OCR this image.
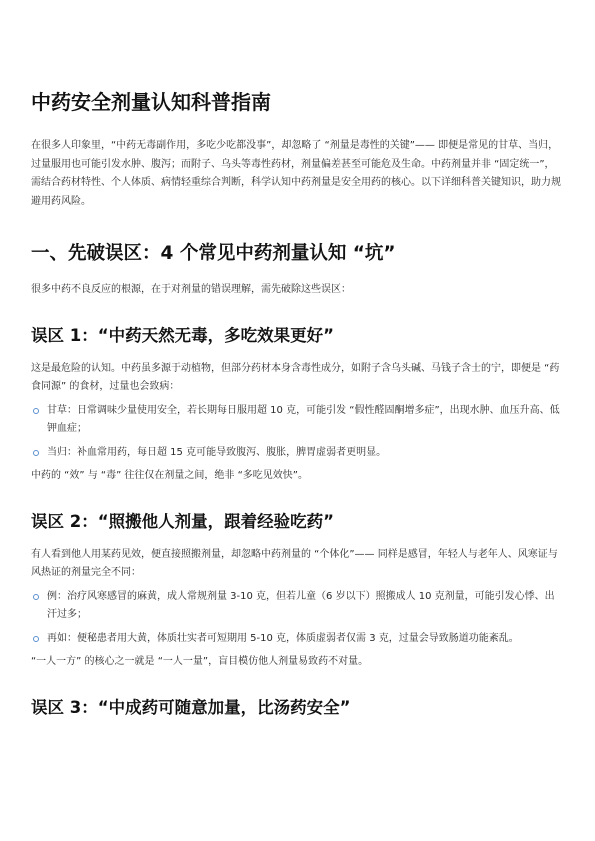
中药安全剂量认知科普指南

在很多人印象里，“中药无毒副作用，多吃少吃都没事”，却忽略了 “剂量是毒性的关键”—— 即便是常见的甘草、当归，过量服用也可能引发水肿、腹泻；而附子、乌头等毒性药材，剂量偏差甚至可能危及生命。中药剂量并非 “固定统一”，需结合药材特性、个人体质、病情轻重综合判断，科学认知中药剂量是安全用药的核心。以下详细科普关键知识，助力规避用药风险。

一、先破误区：4 个常见中药剂量认知 “坑”

很多中药不良反应的根源，在于对剂量的错误理解，需先破除这些误区：

误区 1：“中药天然无毒，多吃效果更好”

这是最危险的认知。中药虽多源于动植物，但部分药材本身含毒性成分，如附子含乌头碱、马钱子含士的宁，即便是 “药食同源” 的食材，过量也会致病：

甘草：日常调味少量使用安全，若长期每日服用超 10 克，可能引发 “假性醛固酮增多症”，出现水肿、血压升高、低钾血症；
当归：补血常用药，每日超 15 克可能导致腹泻、腹胀，脾胃虚弱者更明显。

中药的 “效” 与 “毒” 往往仅在剂量之间，绝非 “多吃见效快”。

误区 2：“照搬他人剂量，跟着经验吃药”

有人看到他人用某药见效，便直接照搬剂量，却忽略中药剂量的 “个体化”—— 同样是感冒，年轻人与老年人、风寒证与风热证的剂量完全不同：

例：治疗风寒感冒的麻黄，成人常规剂量 3-10 克，但若儿童（6 岁以下）照搬成人 10 克剂量，可能引发心悸、出汗过多；
再如：便秘患者用大黄，体质壮实者可短期用 5-10 克，体质虚弱者仅需 3 克，过量会导致肠道功能紊乱。

“一人一方” 的核心之一就是 “一人一量”，盲目模仿他人剂量易致药不对量。

误区 3：“中成药可随意加量，比汤药安全”
